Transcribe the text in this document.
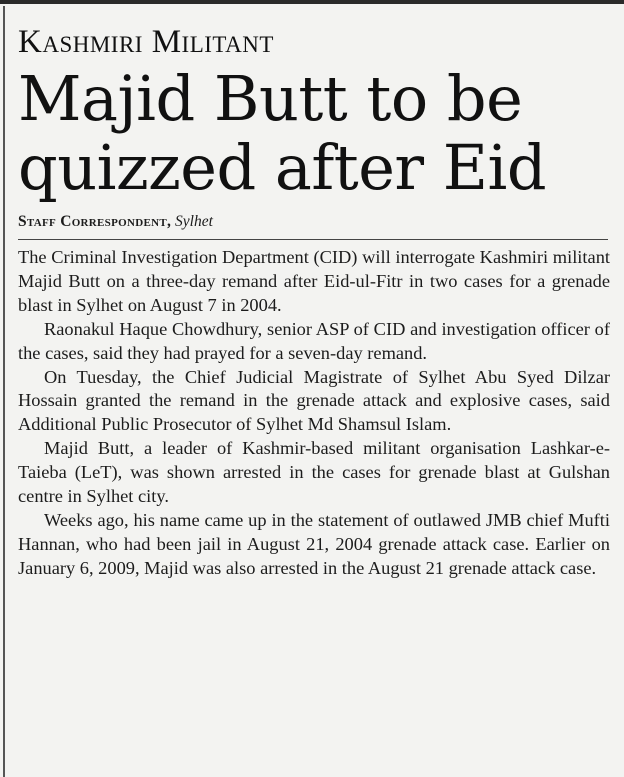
Kashmiri Militant
Majid Butt to be quizzed after Eid
Staff Correspondent, Sylhet

The Criminal Investigation Department (CID) will interrogate Kashmiri militant Majid Butt on a three-day remand after Eid-ul-Fitr in two cases for a grenade blast in Sylhet on August 7 in 2004.

Raonakul Haque Chowdhury, senior ASP of CID and investigation officer of the cases, said they had prayed for a seven-day remand.

On Tuesday, the Chief Judicial Magistrate of Sylhet Abu Syed Dilzar Hossain granted the remand in the grenade attack and explosive cases, said Additional Public Prosecutor of Sylhet Md Shamsul Islam.

Majid Butt, a leader of Kashmir-based militant organisation Lashkar-e-Taieba (LeT), was shown arrested in the cases for grenade blast at Gulshan centre in Sylhet city.

Weeks ago, his name came up in the statement of outlawed JMB chief Mufti Hannan, who had been jail in August 21, 2004 grenade attack case. Earlier on January 6, 2009, Majid was also arrested in the August 21 grenade attack case.
